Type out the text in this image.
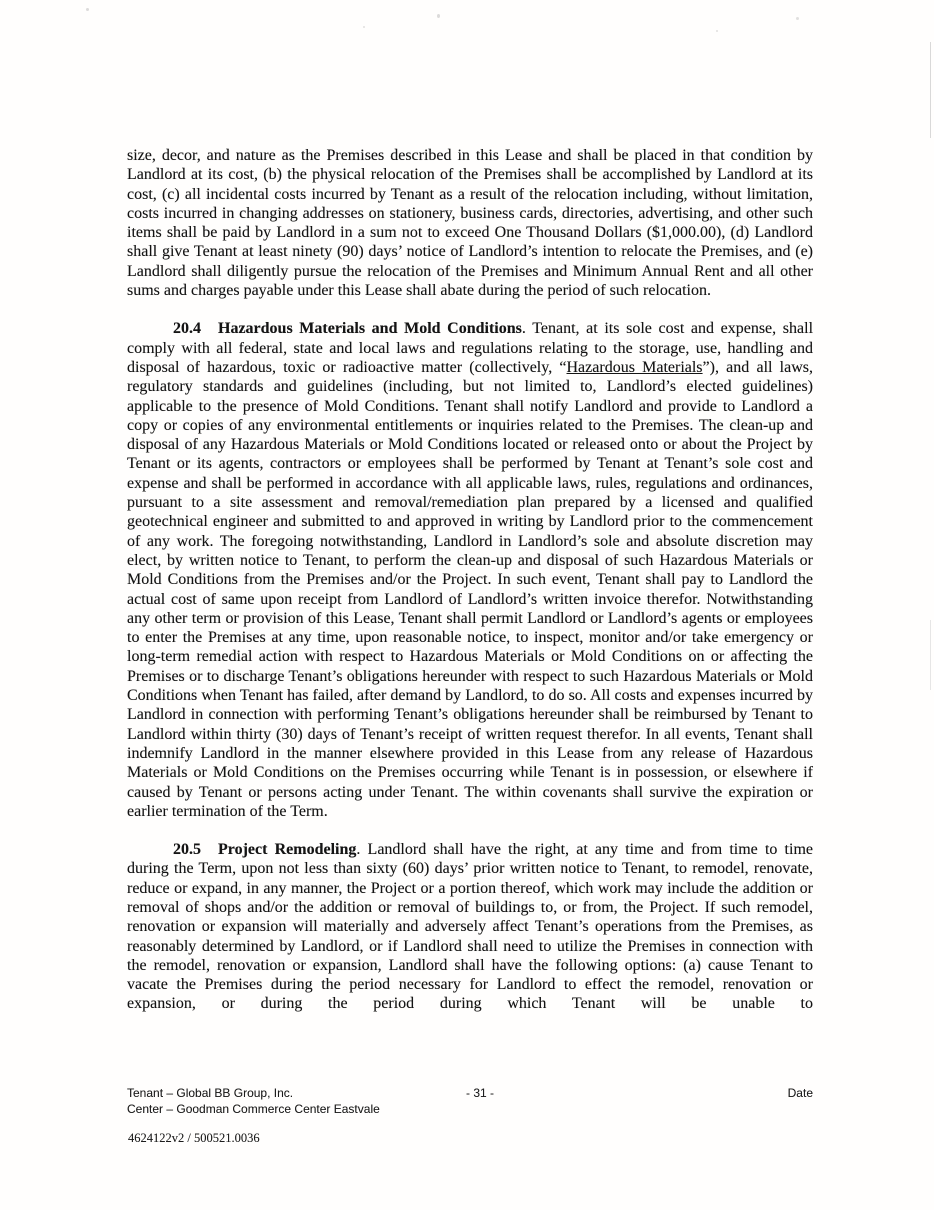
size, decor, and nature as the Premises described in this Lease and shall be placed in that condition by Landlord at its cost, (b) the physical relocation of the Premises shall be accomplished by Landlord at its cost, (c) all incidental costs incurred by Tenant as a result of the relocation including, without limitation, costs incurred in changing addresses on stationery, business cards, directories, advertising, and other such items shall be paid by Landlord in a sum not to exceed One Thousand Dollars ($1,000.00), (d) Landlord shall give Tenant at least ninety (90) days’ notice of Landlord’s intention to relocate the Premises, and (e) Landlord shall diligently pursue the relocation of the Premises and Minimum Annual Rent and all other sums and charges payable under this Lease shall abate during the period of such relocation.

20.4 Hazardous Materials and Mold Conditions. Tenant, at its sole cost and expense, shall comply with all federal, state and local laws and regulations relating to the storage, use, handling and disposal of hazardous, toxic or radioactive matter (collectively, “Hazardous Materials”), and all laws, regulatory standards and guidelines (including, but not limited to, Landlord’s elected guidelines) applicable to the presence of Mold Conditions. Tenant shall notify Landlord and provide to Landlord a copy or copies of any environmental entitlements or inquiries related to the Premises. The clean-up and disposal of any Hazardous Materials or Mold Conditions located or released onto or about the Project by Tenant or its agents, contractors or employees shall be performed by Tenant at Tenant’s sole cost and expense and shall be performed in accordance with all applicable laws, rules, regulations and ordinances, pursuant to a site assessment and removal/remediation plan prepared by a licensed and qualified geotechnical engineer and submitted to and approved in writing by Landlord prior to the commencement of any work. The foregoing notwithstanding, Landlord in Landlord’s sole and absolute discretion may elect, by written notice to Tenant, to perform the clean-up and disposal of such Hazardous Materials or Mold Conditions from the Premises and/or the Project. In such event, Tenant shall pay to Landlord the actual cost of same upon receipt from Landlord of Landlord’s written invoice therefor. Notwithstanding any other term or provision of this Lease, Tenant shall permit Landlord or Landlord’s agents or employees to enter the Premises at any time, upon reasonable notice, to inspect, monitor and/or take emergency or long-term remedial action with respect to Hazardous Materials or Mold Conditions on or affecting the Premises or to discharge Tenant’s obligations hereunder with respect to such Hazardous Materials or Mold Conditions when Tenant has failed, after demand by Landlord, to do so. All costs and expenses incurred by Landlord in connection with performing Tenant’s obligations hereunder shall be reimbursed by Tenant to Landlord within thirty (30) days of Tenant’s receipt of written request therefor. In all events, Tenant shall indemnify Landlord in the manner elsewhere provided in this Lease from any release of Hazardous Materials or Mold Conditions on the Premises occurring while Tenant is in possession, or elsewhere if caused by Tenant or persons acting under Tenant. The within covenants shall survive the expiration or earlier termination of the Term.

20.5 Project Remodeling. Landlord shall have the right, at any time and from time to time during the Term, upon not less than sixty (60) days’ prior written notice to Tenant, to remodel, renovate, reduce or expand, in any manner, the Project or a portion thereof, which work may include the addition or removal of shops and/or the addition or removal of buildings to, or from, the Project. If such remodel, renovation or expansion will materially and adversely affect Tenant’s operations from the Premises, as reasonably determined by Landlord, or if Landlord shall need to utilize the Premises in connection with the remodel, renovation or expansion, Landlord shall have the following options: (a) cause Tenant to vacate the Premises during the period necessary for Landlord to effect the remodel, renovation or expansion, or during the period during which Tenant will be unable to

Tenant – Global BB Group, Inc.
Center – Goodman Commerce Center Eastvale
- 31 -	Date
4624122v2 / 500521.0036
